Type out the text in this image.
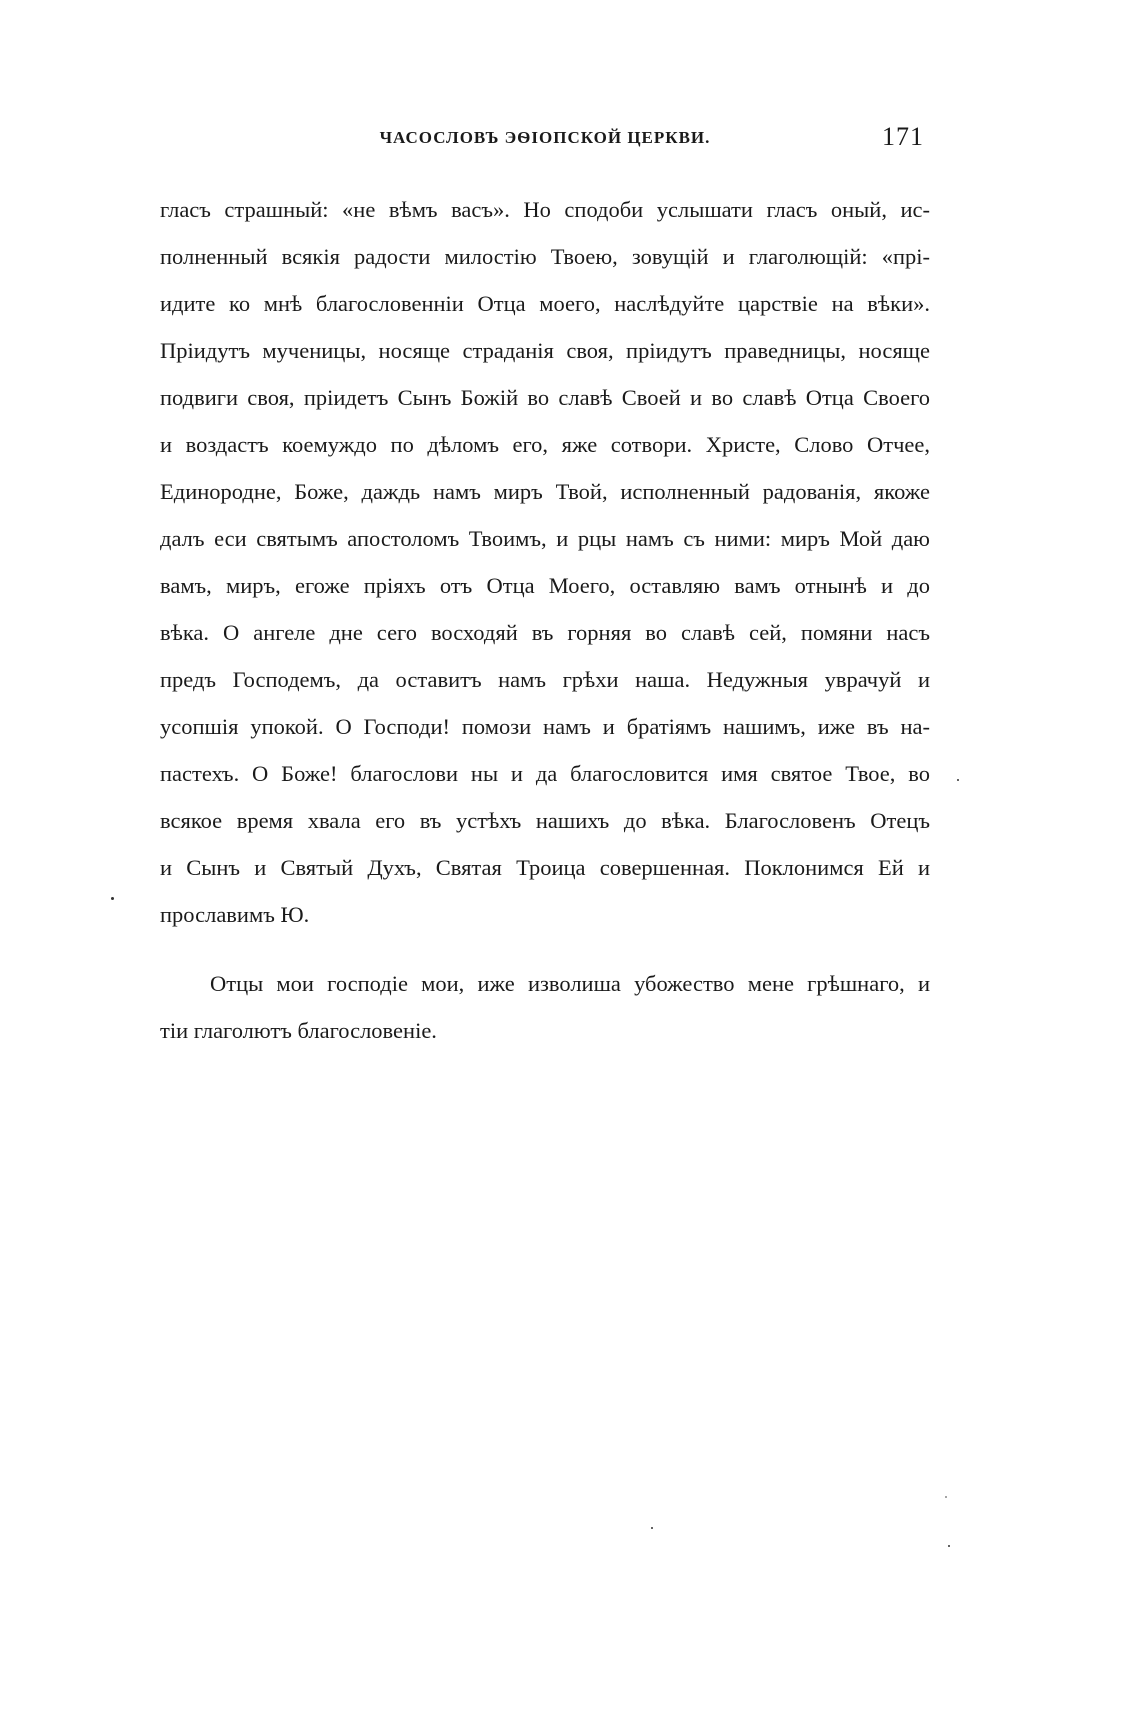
ЧАСОСЛОВЪ ЭѲІОПСКОЙ ЦЕРКВИ.	171
гласъ страшный: «не вѣмъ васъ». Но сподоби услышати гласъ оный, ис-
полненный всякія радости милостію Твоею, зовущій и глаголющій: «прі-
идите ко мнѣ благословенніи Отца моего, наслѣдуйте царствіе на вѣки».
Пріидутъ мученицы, носяще страданія своя, пріидутъ праведницы, носяще
подвиги своя, пріидетъ Сынъ Божій во славѣ Своей и во славѣ Отца Своего
и воздастъ коемуждо по дѣломъ его, яже сотвори. Христе, Слово Отчее,
Единородне, Боже, даждь намъ миръ Твой, исполненный радованія, якоже
далъ еси святымъ апостоломъ Твоимъ, и рцы намъ съ ними: миръ Мой даю
вамъ, миръ, егоже пріяхъ отъ Отца Моего, оставляю вамъ отнынѣ и до
вѣка. О ангеле дне сего восходяй въ горняя во славѣ сей, помяни насъ
предъ Господемъ, да оставитъ намъ грѣхи наша. Недужныя уврачуй и
усопшія упокой. О Господи! помози намъ и братіямъ нашимъ, иже въ на-
пастехъ. О Боже! благослови ны и да благословится имя святое Твое, во
всякое время хвала его въ устѣхъ нашихъ до вѣка. Благословенъ Отецъ
и Сынъ и Святый Духъ, Святая Троица совершенная. Поклонимся Ей и
прославимъ Ю.
Отцы мои господіе мои, иже изволиша убожество мене грѣшнаго, и
тіи глаголютъ благословеніе.
